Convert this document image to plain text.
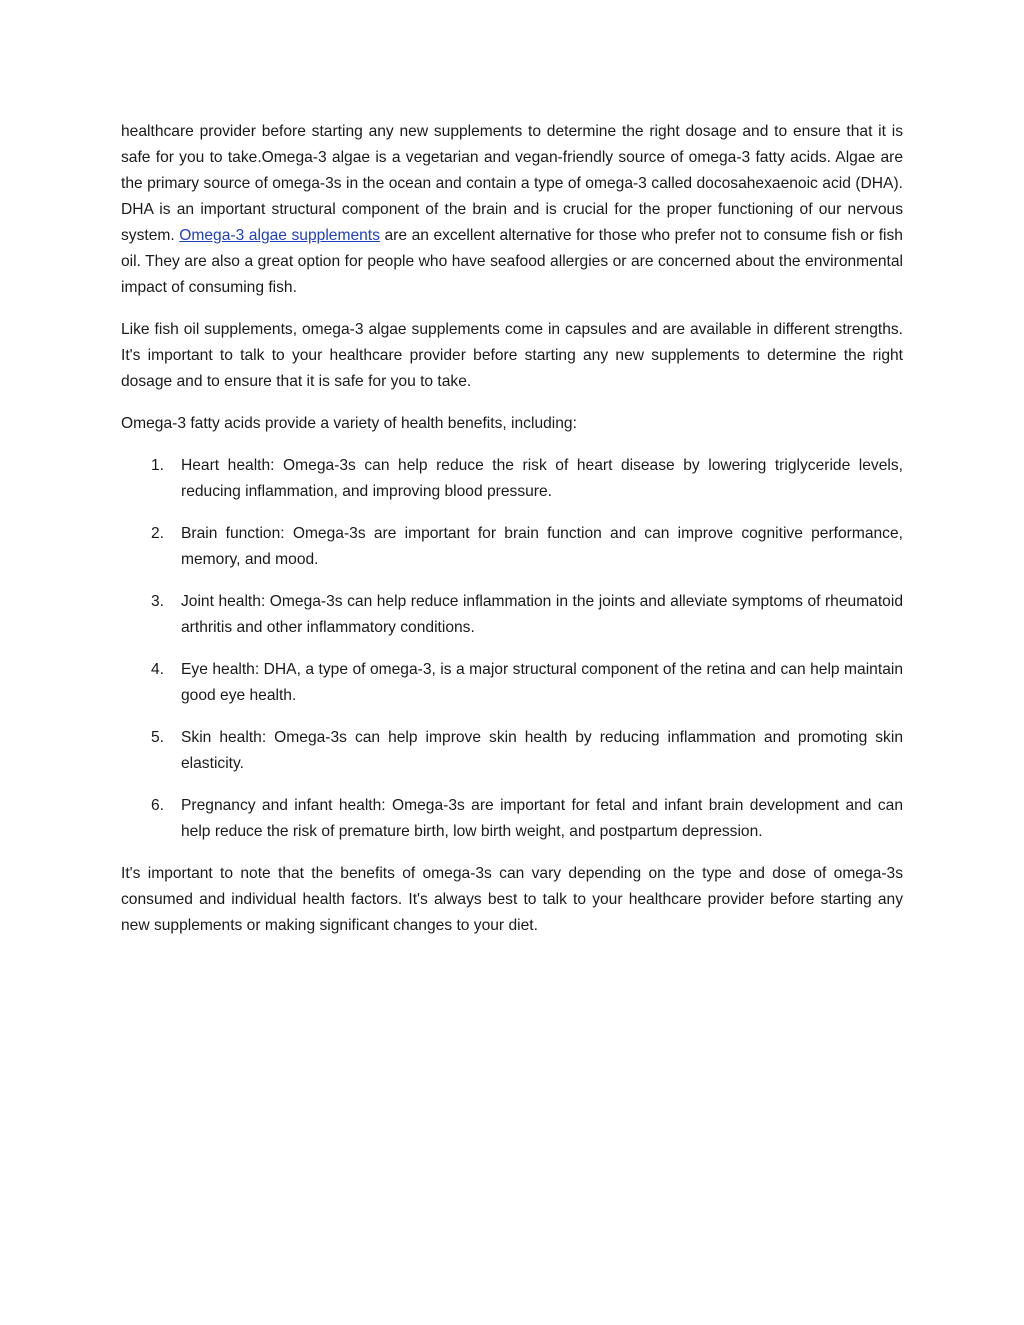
healthcare provider before starting any new supplements to determine the right dosage and to ensure that it is safe for you to take.Omega-3 algae is a vegetarian and vegan-friendly source of omega-3 fatty acids. Algae are the primary source of omega-3s in the ocean and contain a type of omega-3 called docosahexaenoic acid (DHA). DHA is an important structural component of the brain and is crucial for the proper functioning of our nervous system. Omega-3 algae supplements are an excellent alternative for those who prefer not to consume fish or fish oil. They are also a great option for people who have seafood allergies or are concerned about the environmental impact of consuming fish.

Like fish oil supplements, omega-3 algae supplements come in capsules and are available in different strengths. It's important to talk to your healthcare provider before starting any new supplements to determine the right dosage and to ensure that it is safe for you to take.

Omega-3 fatty acids provide a variety of health benefits, including:

1. Heart health: Omega-3s can help reduce the risk of heart disease by lowering triglyceride levels, reducing inflammation, and improving blood pressure.
2. Brain function: Omega-3s are important for brain function and can improve cognitive performance, memory, and mood.
3. Joint health: Omega-3s can help reduce inflammation in the joints and alleviate symptoms of rheumatoid arthritis and other inflammatory conditions.
4. Eye health: DHA, a type of omega-3, is a major structural component of the retina and can help maintain good eye health.
5. Skin health: Omega-3s can help improve skin health by reducing inflammation and promoting skin elasticity.
6. Pregnancy and infant health: Omega-3s are important for fetal and infant brain development and can help reduce the risk of premature birth, low birth weight, and postpartum depression.

It's important to note that the benefits of omega-3s can vary depending on the type and dose of omega-3s consumed and individual health factors. It's always best to talk to your healthcare provider before starting any new supplements or making significant changes to your diet.
